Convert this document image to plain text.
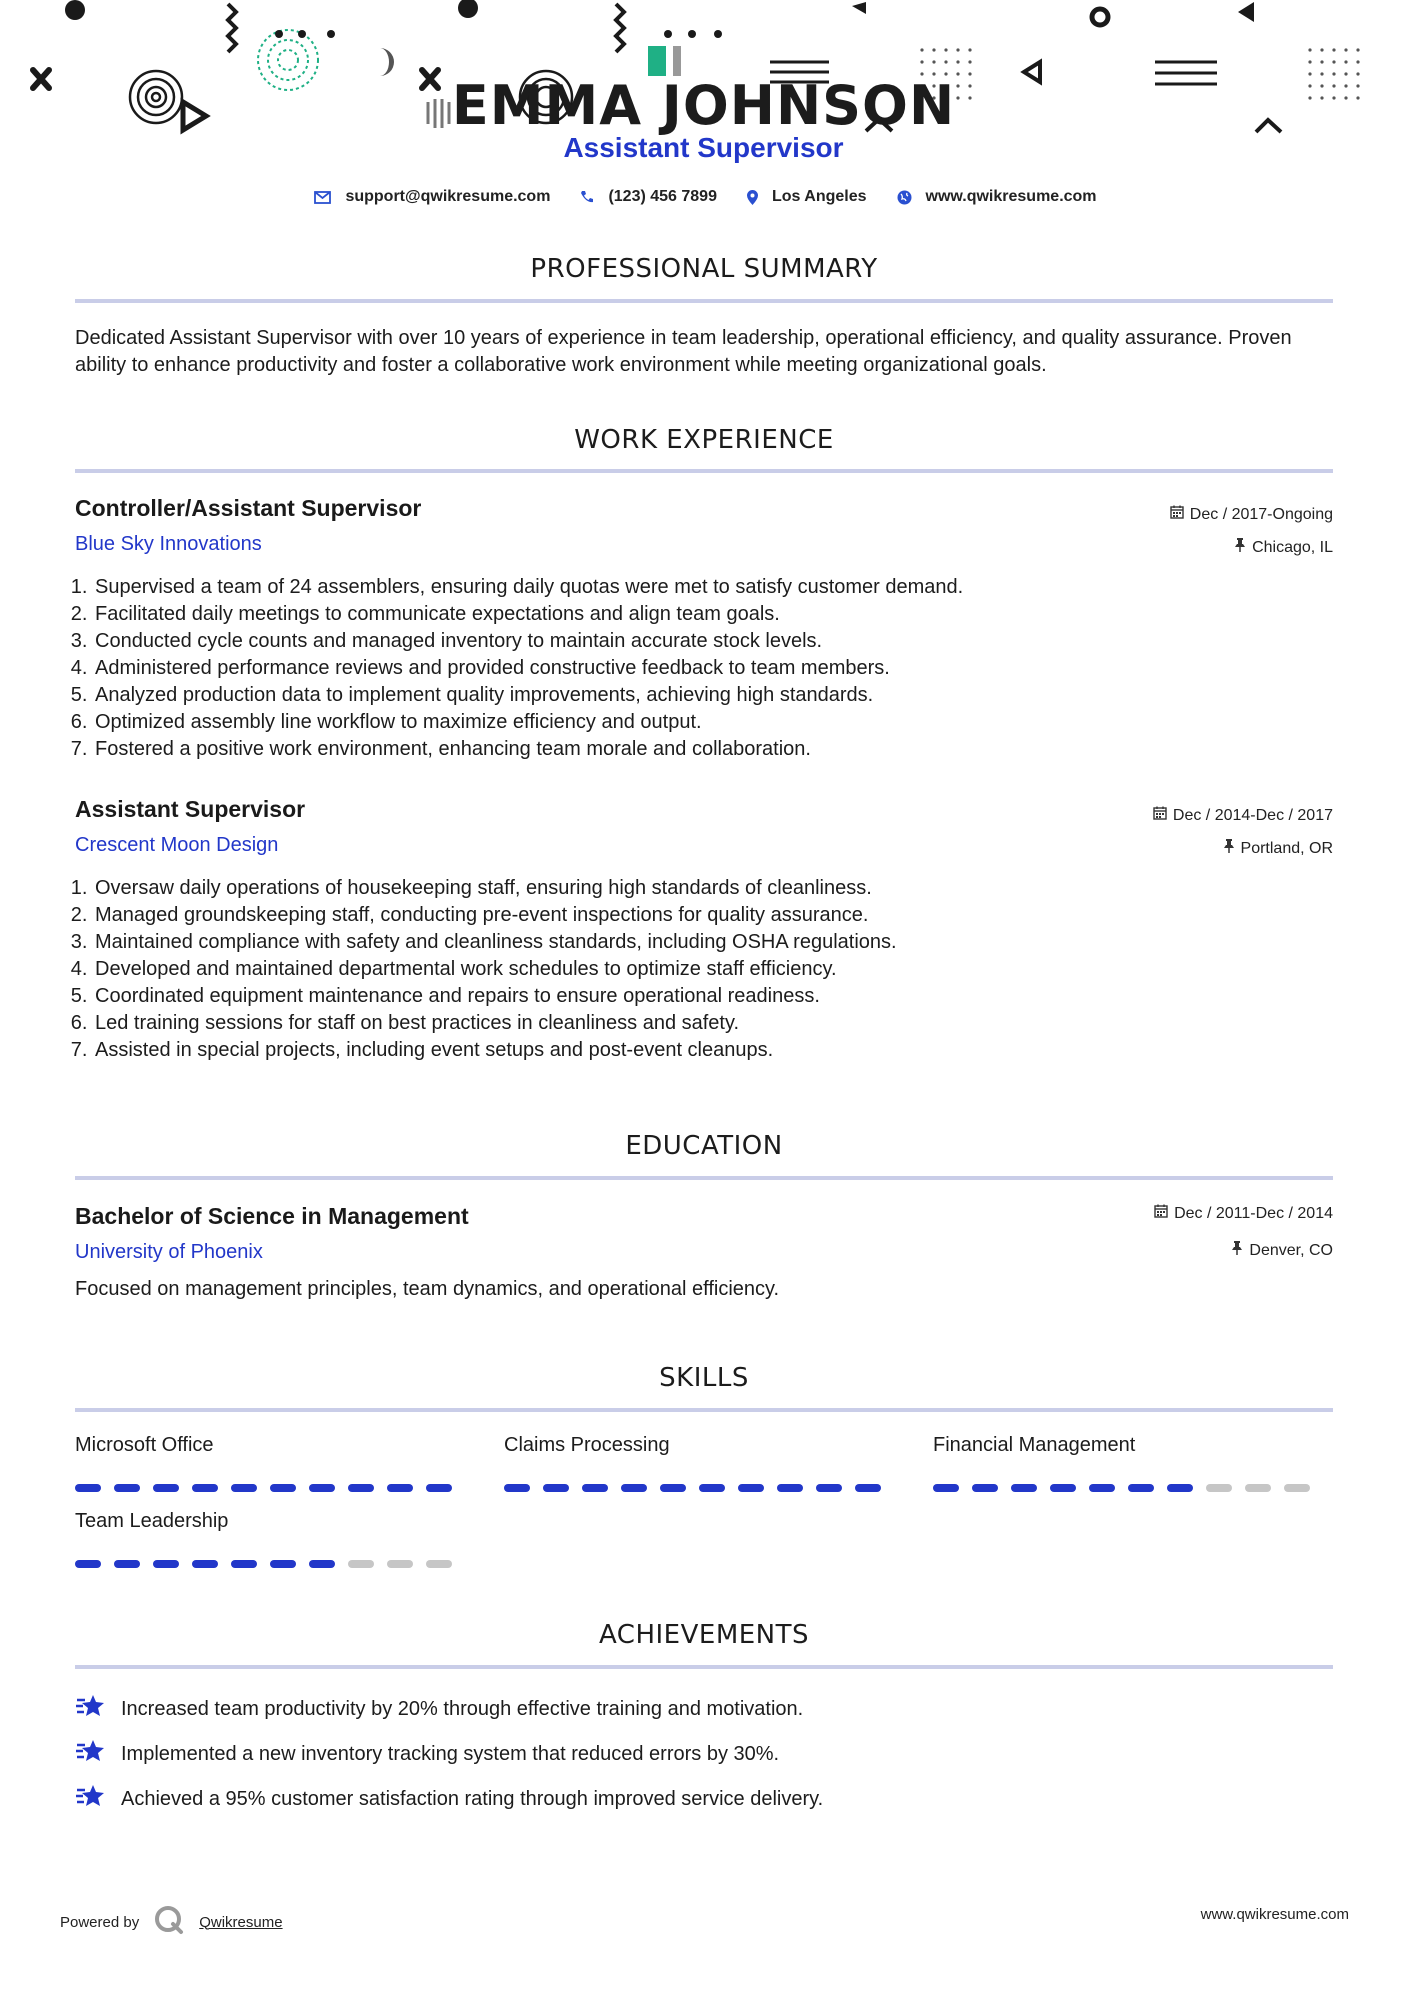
EMMA JOHNSON
Assistant Supervisor
support@qwikresume.com	(123) 456 7899	Los Angeles	www.qwikresume.com
PROFESSIONAL SUMMARY
Dedicated Assistant Supervisor with over 10 years of experience in team leadership, operational efficiency, and quality assurance. Proven ability to enhance productivity and foster a collaborative work environment while meeting organizational goals.
WORK EXPERIENCE
Controller/Assistant Supervisor	Dec / 2017-Ongoing
Blue Sky Innovations	Chicago, IL
1. Supervised a team of 24 assemblers, ensuring daily quotas were met to satisfy customer demand.
2. Facilitated daily meetings to communicate expectations and align team goals.
3. Conducted cycle counts and managed inventory to maintain accurate stock levels.
4. Administered performance reviews and provided constructive feedback to team members.
5. Analyzed production data to implement quality improvements, achieving high standards.
6. Optimized assembly line workflow to maximize efficiency and output.
7. Fostered a positive work environment, enhancing team morale and collaboration.
Assistant Supervisor	Dec / 2014-Dec / 2017
Crescent Moon Design	Portland, OR
1. Oversaw daily operations of housekeeping staff, ensuring high standards of cleanliness.
2. Managed groundskeeping staff, conducting pre-event inspections for quality assurance.
3. Maintained compliance with safety and cleanliness standards, including OSHA regulations.
4. Developed and maintained departmental work schedules to optimize staff efficiency.
5. Coordinated equipment maintenance and repairs to ensure operational readiness.
6. Led training sessions for staff on best practices in cleanliness and safety.
7. Assisted in special projects, including event setups and post-event cleanups.
EDUCATION
Bachelor of Science in Management	Dec / 2011-Dec / 2014
University of Phoenix	Denver, CO
Focused on management principles, team dynamics, and operational efficiency.
SKILLS
Microsoft Office	Claims Processing	Financial Management
Team Leadership
ACHIEVEMENTS
Increased team productivity by 20% through effective training and motivation.
Implemented a new inventory tracking system that reduced errors by 30%.
Achieved a 95% customer satisfaction rating through improved service delivery.
Powered by	Qwikresume	www.qwikresume.com
